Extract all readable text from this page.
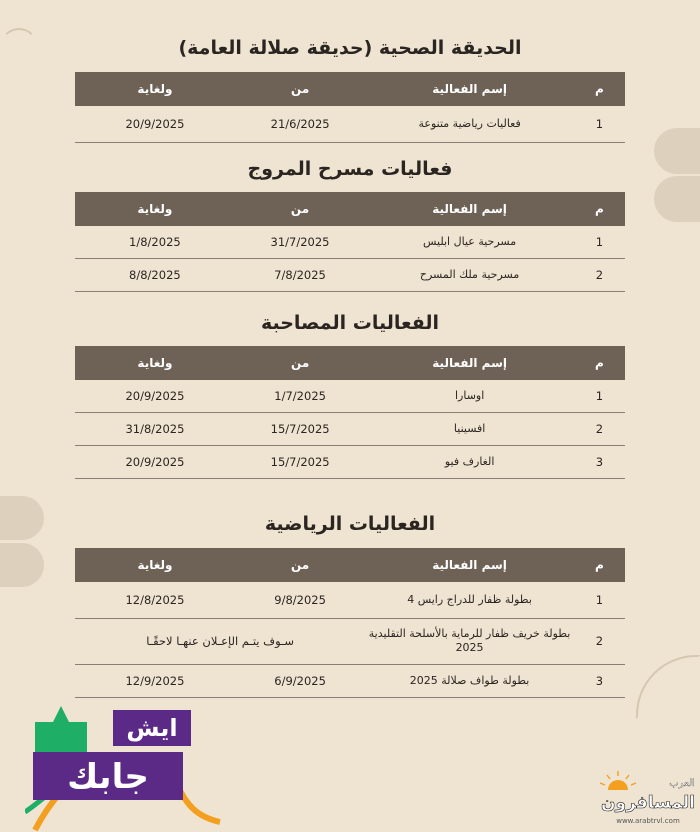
الحديقة الصحية (حديقة صلالة العامة)
م	إسم الفعالية	من	ولغاية
1	فعاليات رياضية متنوعة	21/6/2025	20/9/2025
فعاليات مسرح المروج
م	إسم الفعالية	من	ولغاية
1	مسرحية عيال ابليس	31/7/2025	1/8/2025
2	مسرحية ملك المسرح	7/8/2025	8/8/2025
الفعاليات المصاحبة
م	إسم الفعالية	من	ولغاية
1	اوسارا	1/7/2025	20/9/2025
2	افسينيا	15/7/2025	31/8/2025
3	الغارف فيو	15/7/2025	20/9/2025
الفعاليات الرياضية
م	إسم الفعالية	من	ولغاية
1	بطولة ظفار للدراج رايس 4	9/8/2025	12/8/2025
2	بطولة خريف ظفار للرماية بالأسلحة التقليدية 2025	سـوف يتـم الإعـلان عنهـا لاحقًـا	
3	بطولة طواف صلالة 2025	6/9/2025	12/9/2025
ايش
جابك	العرب
المسافرون
www.arabtrvl.com
